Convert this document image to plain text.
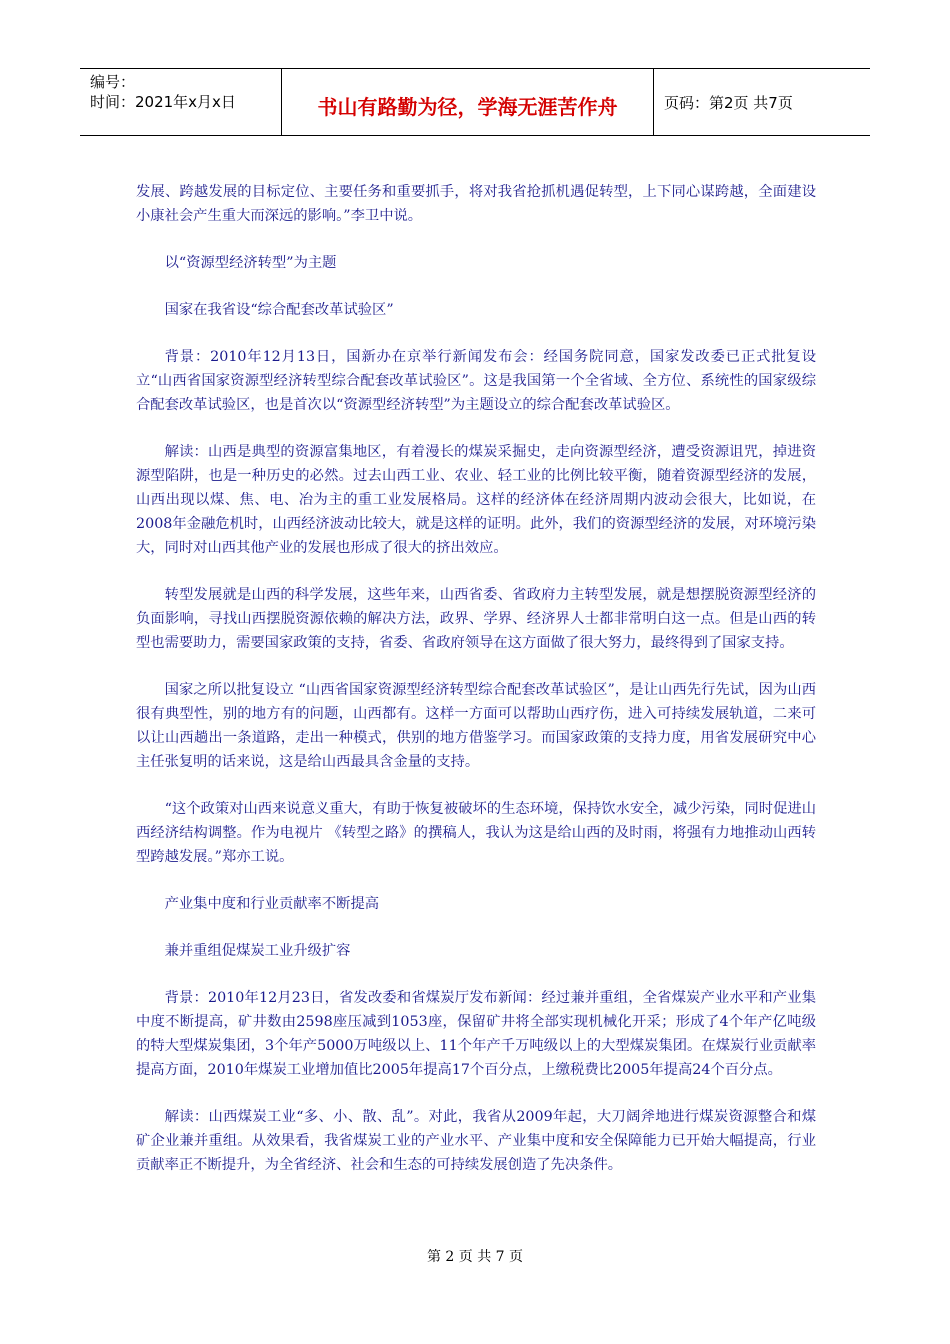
编号：
时间：2021年x月x日	书山有路勤为径，学海无涯苦作舟	页码：第2页 共7页

发展、跨越发展的目标定位、主要任务和重要抓手，将对我省抢抓机遇促转型，上下同心谋跨越，全面建设小康社会产生重大而深远的影响。”李卫中说。

以“资源型经济转型”为主题

国家在我省设“综合配套改革试验区”

背景：2010年12月13日，国新办在京举行新闻发布会：经国务院同意，国家发改委已正式批复设立“山西省国家资源型经济转型综合配套改革试验区”。这是我国第一个全省域、全方位、系统性的国家级综合配套改革试验区，也是首次以“资源型经济转型”为主题设立的综合配套改革试验区。

解读：山西是典型的资源富集地区，有着漫长的煤炭采掘史，走向资源型经济，遭受资源诅咒，掉进资源型陷阱，也是一种历史的必然。过去山西工业、农业、轻工业的比例比较平衡，随着资源型经济的发展，山西出现以煤、焦、电、冶为主的重工业发展格局。这样的经济体在经济周期内波动会很大，比如说，在2008年金融危机时，山西经济波动比较大，就是这样的证明。此外，我们的资源型经济的发展，对环境污染大，同时对山西其他产业的发展也形成了很大的挤出效应。

转型发展就是山西的科学发展，这些年来，山西省委、省政府力主转型发展，就是想摆脱资源型经济的负面影响，寻找山西摆脱资源依赖的解决方法，政界、学界、经济界人士都非常明白这一点。但是山西的转型也需要助力，需要国家政策的支持，省委、省政府领导在这方面做了很大努力，最终得到了国家支持。

国家之所以批复设立 “山西省国家资源型经济转型综合配套改革试验区”，是让山西先行先试，因为山西很有典型性，别的地方有的问题，山西都有。这样一方面可以帮助山西疗伤，进入可持续发展轨道，二来可以让山西趟出一条道路，走出一种模式，供别的地方借鉴学习。而国家政策的支持力度，用省发展研究中心主任张复明的话来说，这是给山西最具含金量的支持。

“这个政策对山西来说意义重大，有助于恢复被破坏的生态环境，保持饮水安全，减少污染，同时促进山西经济结构调整。作为电视片 《转型之路》的撰稿人，我认为这是给山西的及时雨，将强有力地推动山西转型跨越发展。”郑亦工说。

产业集中度和行业贡献率不断提高

兼并重组促煤炭工业升级扩容

背景：2010年12月23日，省发改委和省煤炭厅发布新闻：经过兼并重组，全省煤炭产业水平和产业集中度不断提高，矿井数由2598座压减到1053座，保留矿井将全部实现机械化开采；形成了4个年产亿吨级的特大型煤炭集团，3个年产5000万吨级以上、11个年产千万吨级以上的大型煤炭集团。在煤炭行业贡献率提高方面，2010年煤炭工业增加值比2005年提高17个百分点，上缴税费比2005年提高24个百分点。

解读：山西煤炭工业“多、小、散、乱”。对此，我省从2009年起，大刀阔斧地进行煤炭资源整合和煤矿企业兼并重组。从效果看，我省煤炭工业的产业水平、产业集中度和安全保障能力已开始大幅提高，行业贡献率正不断提升，为全省经济、社会和生态的可持续发展创造了先决条件。

第 2 页 共 7 页
